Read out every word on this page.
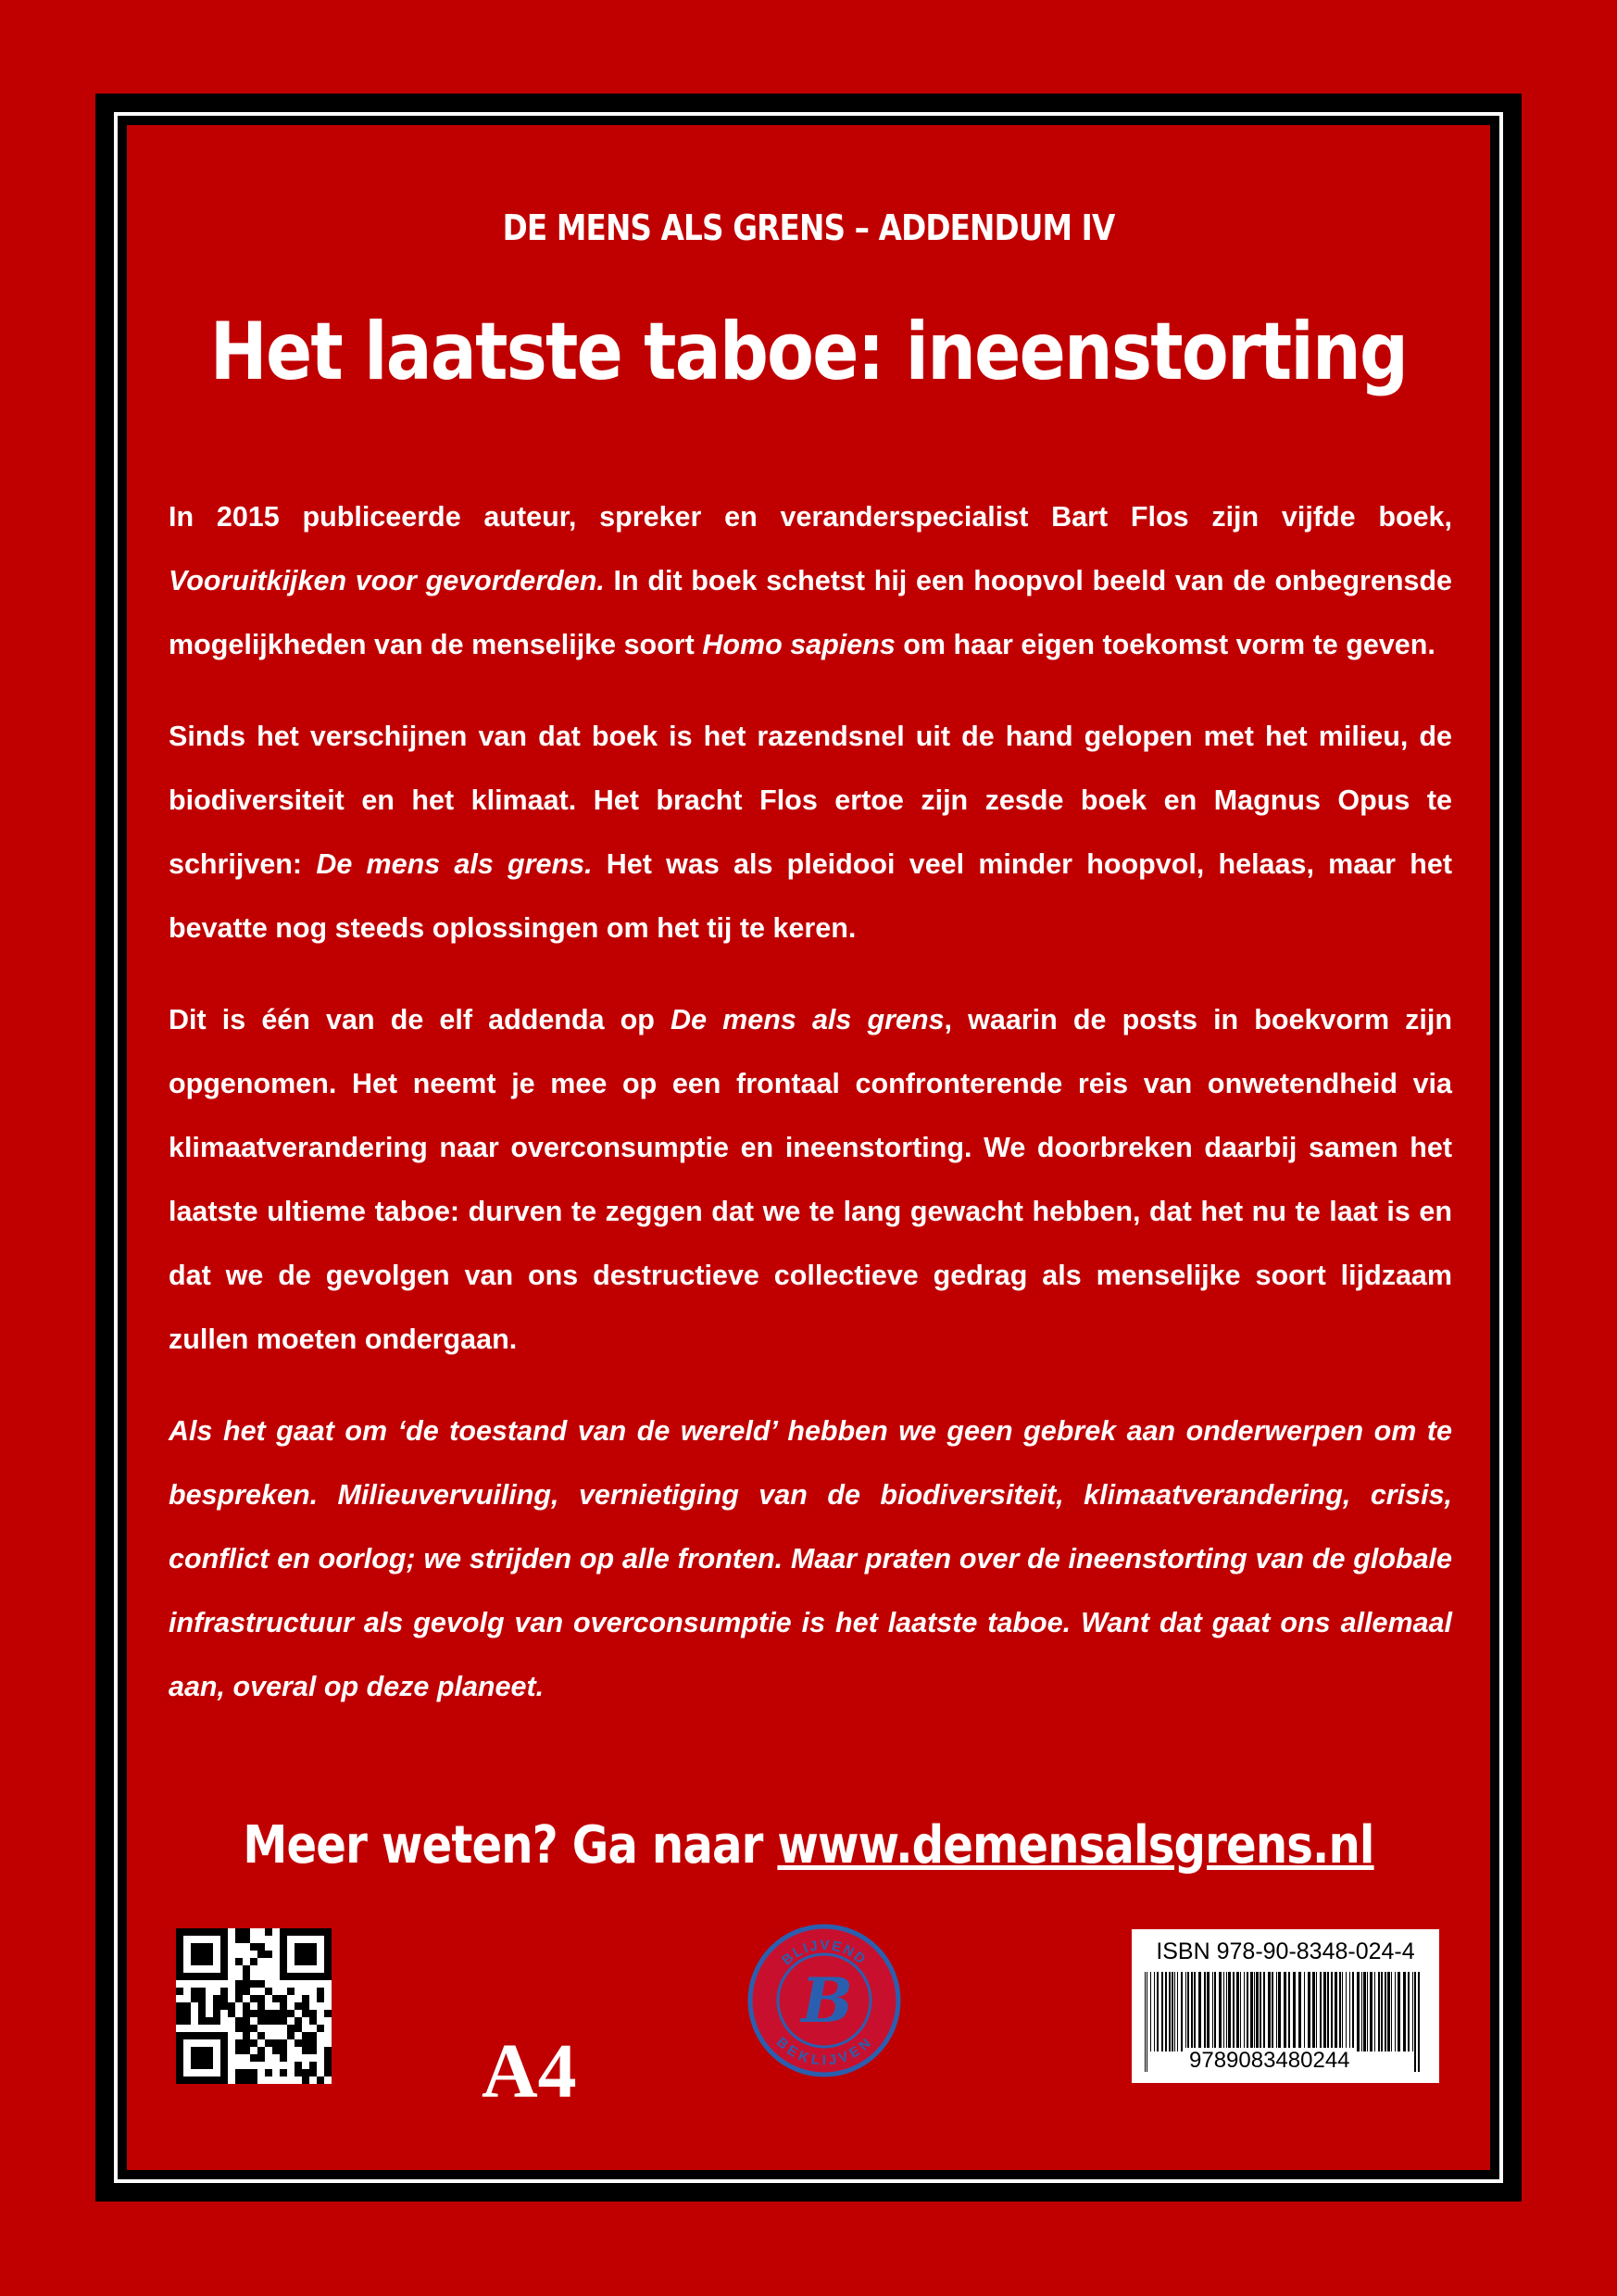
DE MENS ALS GRENS – ADDENDUM IV
Het laatste taboe: ineenstorting

In 2015 publiceerde auteur, spreker en veranderspecialist Bart Flos zijn vijfde boek, Vooruitkijken voor gevorderden. In dit boek schetst hij een hoopvol beeld van de onbegrensde mogelijkheden van de menselijke soort Homo sapiens om haar eigen toekomst vorm te geven.

Sinds het verschijnen van dat boek is het razendsnel uit de hand gelopen met het milieu, de biodiversiteit en het klimaat. Het bracht Flos ertoe zijn zesde boek en Magnus Opus te schrijven: De mens als grens. Het was als pleidooi veel minder hoopvol, helaas, maar het bevatte nog steeds oplossingen om het tij te keren.

Dit is één van de elf addenda op De mens als grens, waarin de posts in boekvorm zijn opgenomen. Het neemt je mee op een frontaal confronterende reis van onwetendheid via klimaatverandering naar overconsumptie en ineenstorting. We doorbreken daarbij samen het laatste ultieme taboe: durven te zeggen dat we te lang gewacht hebben, dat het nu te laat is en dat we de gevolgen van ons destructieve collectieve gedrag als menselijke soort lijdzaam zullen moeten ondergaan.

Als het gaat om ‘de toestand van de wereld’ hebben we geen gebrek aan onderwerpen om te bespreken. Milieuvervuiling, vernietiging van de biodiversiteit, klimaatverandering, crisis, conflict en oorlog; we strijden op alle fronten. Maar praten over de ineenstorting van de globale infrastructuur als gevolg van overconsumptie is het laatste taboe. Want dat gaat ons allemaal aan, overal op deze planeet.

Meer weten? Ga naar www.demensalsgrens.nl
A4
BLIJVEND
BEKLIJVEN
B
ISBN 978-90-8348-024-4
9789083480244
